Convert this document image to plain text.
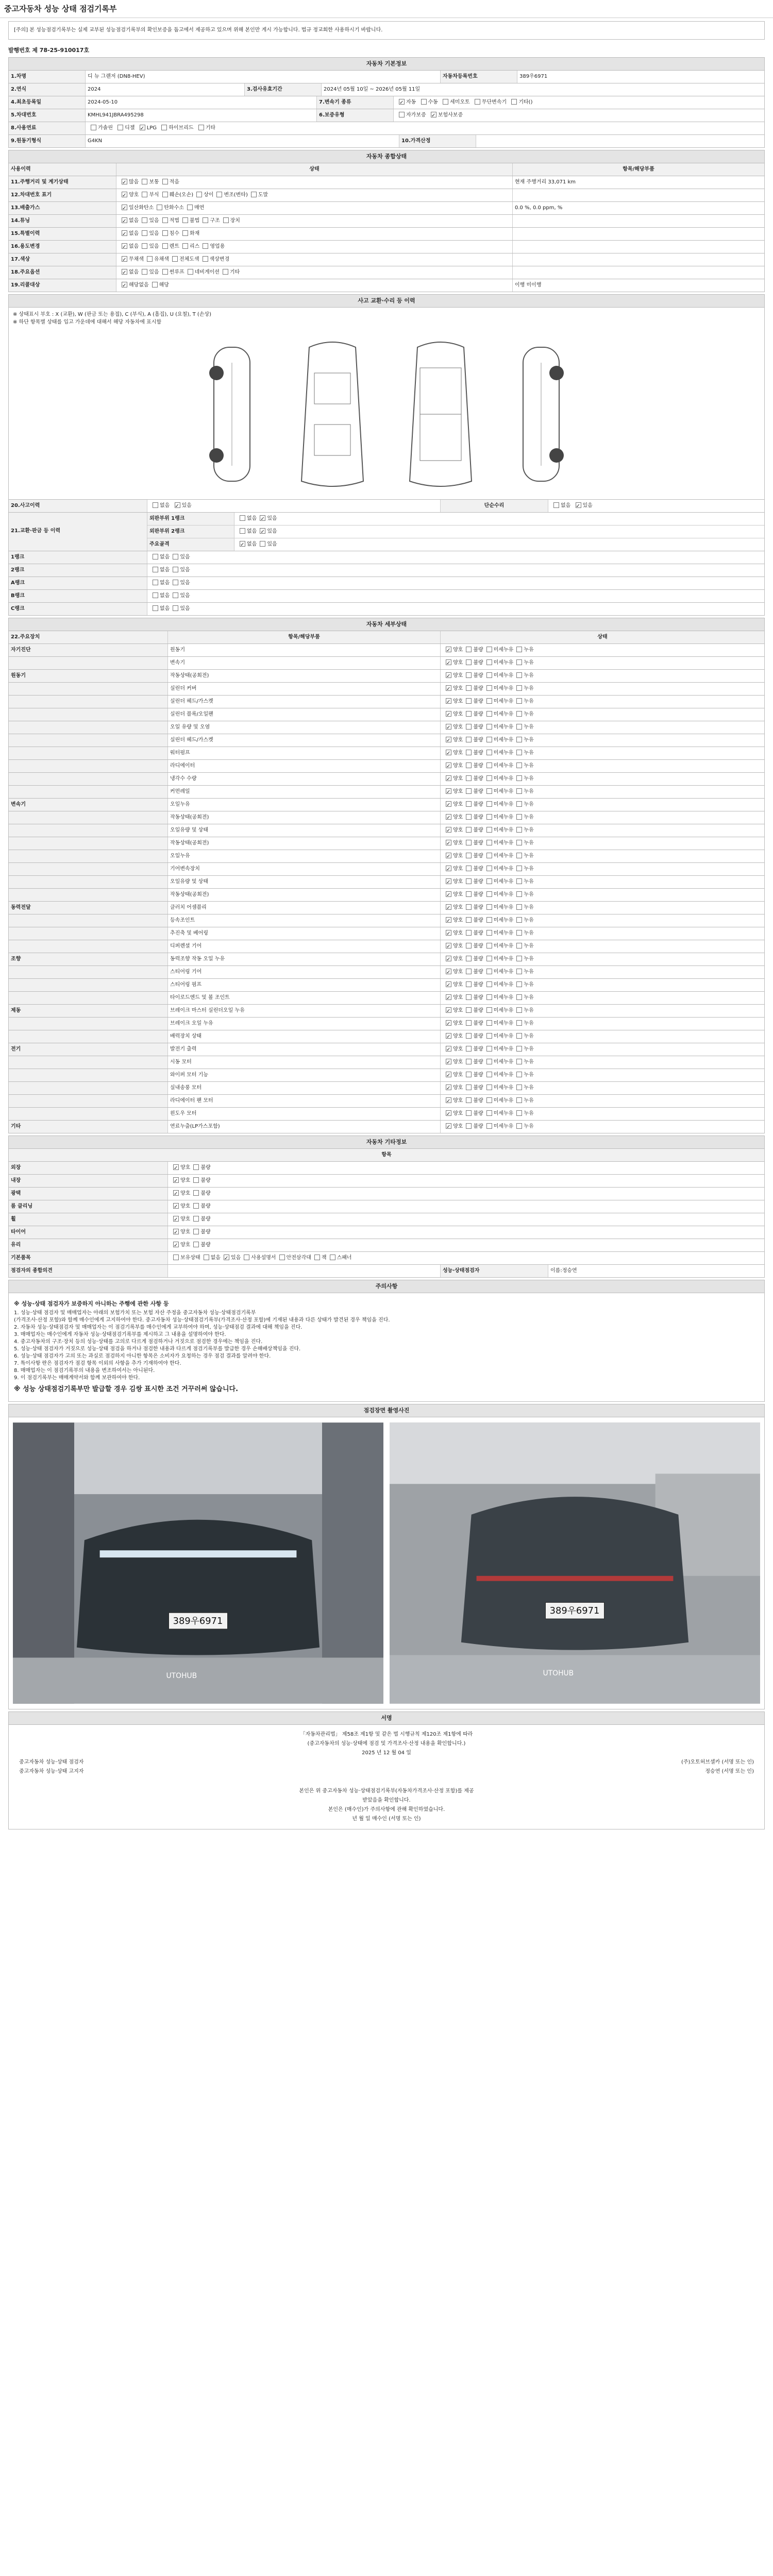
중고자동차 성능 상태 점검기록부
[주의] 본 성능점검기록부는 실제 교부된 성능점검기록부의 확인보증을 돕고에서 제공하고 있으며 위해 본인만 게시 가능합니다. 법규 정교회한 사용하시기 바랍니다.
발행번호 제 78-25-910017호
자동차 기본정보
1.차명	디 뉴 그랜저 (DN8-HEV)	자동차등록번호	389우6971
2.연식	2024	3.검사유효기간	2024년 05월 10일 ~ 2026년 05월 11일
4.최초등록일	2024-05-10	7.변속기 종류 ✓	자동 수동 세미오토 무단변속기 기타()
5.차대번호	KMHL941JBRA495298	6.보증유형	자가보증 ✓ 보험사보증
8.사용연료	가솔린 디젤 ✓ LPG 하이브리드 기타
9.원동기형식	G4KN	10.가격산정
자동차 종합상태
사용이력	상태	항목/해당부품
11.주행거리 및 계기상태 ✓	많음 보통 적음	현재 주행거리 33,071 km
12.차대번호 표기 ✓	양호 부식 훼손(오손) 상이 변조(변타) 도말
13.배출가스 ✓	일산화탄소 탄화수소 매연	0.0 %, 0.0 ppm, %
14.튜닝 ✓	없음 있음 적법 불법 구조 장치
15.특별이력 ✓	없음 있음 침수 화재
16.용도변경 ✓	없음 있음 렌트 리스 영업용
17.색상 ✓	무채색 유채색 전체도색 색상변경
18.주요옵션 ✓	없음 있음 썬루프 네비게이션 기타
19.리콜대상 ✓	해당없음 해당	이행 미이행
사고 교환·수리 등 이력
※ 상태표시 부호 : X (교환), W (판금 또는 용접), C (부식), A (흠집), U (요철), T (손상)
※ 하단 항목별 상태를 입고 가운데에 대해서 해당 자동차에 표시함
20.사고이력	없음 ✓ 있음	단순수리	없음 ✓ 있음
21.교환·판금 등 이력
외판부위 1랭크	없음 ✓ 있음
외판부위 2랭크	없음 ✓ 있음
주요골격 ✓	없음 있음
1랭크	없음 있음
2랭크	없음 있음
A랭크	없음 있음
B랭크	없음 있음
C랭크	없음 있음
자동차 세부상태
22.주요장치	항목/해당부품	상태
자기진단	원동기 ✓	양호 불량 미세누유 누유
변속기 ✓	양호 불량 미세누유 누유
원동기	작동상태(공회전) ✓	양호 불량 미세누유 누유
실린더 커버 ✓	양호 불량 미세누유 누유
실린더 헤드/가스켓 ✓	양호 불량 미세누유 누유
실린더 블록/오일팬 ✓	양호 불량 미세누유 누유
오일 유량 및 오염 ✓	양호 불량 미세누유 누유
실린더 헤드/가스켓 ✓	양호 불량 미세누유 누유
워터펌프 ✓	양호 불량 미세누유 누유
라디에이터 ✓	양호 불량 미세누유 누유
냉각수 수량 ✓	양호 불량 미세누유 누유
커먼레일 ✓	양호 불량 미세누유 누유
변속기	오일누유 ✓	양호 불량 미세누유 누유
작동상태(공회전) ✓	양호 불량 미세누유 누유
오일유량 및 상태 ✓	양호 불량 미세누유 누유
작동상태(공회전) ✓	양호 불량 미세누유 누유
오일누유 ✓	양호 불량 미세누유 누유
기어변속장치 ✓	양호 불량 미세누유 누유
오일유량 및 상태 ✓	양호 불량 미세누유 누유
작동상태(공회전) ✓	양호 불량 미세누유 누유
동력전달	클러치 어셈블리 ✓	양호 불량 미세누유 누유
등속조인트 ✓	양호 불량 미세누유 누유
추진축 및 베어링 ✓	양호 불량 미세누유 누유
디퍼렌셜 기어 ✓	양호 불량 미세누유 누유
조향	동력조향 작동 오일 누유 ✓	양호 불량 미세누유 누유
스티어링 기어 ✓	양호 불량 미세누유 누유
스티어링 펌프 ✓	양호 불량 미세누유 누유
타이로드엔드 및 볼 조인트 ✓	양호 불량 미세누유 누유
제동	브레이크 마스터 실린더오일 누유 ✓	양호 불량 미세누유 누유
브레이크 오일 누유 ✓	양호 불량 미세누유 누유
배력장치 상태 ✓	양호 불량 미세누유 누유
전기	발전기 출력 ✓	양호 불량 미세누유 누유
시동 모터 ✓	양호 불량 미세누유 누유
와이퍼 모터 기능 ✓	양호 불량 미세누유 누유
실내송풍 모터 ✓	양호 불량 미세누유 누유
라디에이터 팬 모터 ✓	양호 불량 미세누유 누유
윈도우 모터 ✓	양호 불량 미세누유 누유
기타	연료누출(LP가스포함) ✓	양호 불량 미세누유 누유
자동차 기타정보
항목
외장 ✓	양호 불량
내장 ✓	양호 불량
광택 ✓	양호 불량
룸 클리닝 ✓	양호 불량
휠 ✓	양호 불량
타이어 ✓	양호 불량
유리 ✓	양호 불량
기본품목	보유상태 없음 ✓ 있음 사용설명서 안전삼각대 잭 스패너
점검자의 종합의견	성능·상태점검자	이름:정승연
주의사항
※ 성능·상태 점검자가 보증하지 아니하는 주행에 관한 사항 등
1. 성능·상태 점검자 및 매매업자는 아래의 보험가치 또는 보험 자산 주정을 중고자동차 성능·상태점검기록부
(가격조사·산정 포함)와 함께 매수인에게 고지하여야 한다. 중고자동차 성능·상태점검기록부(가격조사·산정 포함)에 기재된 내용과 다른 상태가 발견된 경우 책임을 진다.
2. 자동차 성능·상태점검자 및 매매업자는 이 점검기록부를 매수인에게 교부하여야 하며, 성능·상태점검 결과에 대해 책임을 진다.
3. 매매업자는 매수인에게 자동차 성능·상태점검기록부를 제시하고 그 내용을 설명하여야 한다.
4. 중고자동차의 구조·장치 등의 성능·상태를 고의로 다르게 점검하거나 거짓으로 점검한 경우에는 책임을 진다.
5. 성능·상태 점검자가 거짓으로 성능·상태 점검을 하거나 점검한 내용과 다르게 점검기록부를 발급한 경우 손해배상책임을 진다.
6. 성능·상태 점검자가 고의 또는 과실로 점검하지 아니한 항목은 소비자가 요청하는 경우 점검 결과를 알려야 한다.
7. 특이사항 란은 점검자가 점검 항목 이외의 사항을 추가 기재하여야 한다.
8. 매매업자는 이 점검기록부의 내용을 변조하여서는 아니된다.
9. 이 점검기록부는 매매계약서와 함께 보관하여야 한다.
※ 성능 상태점검기록부만 발급할 경우 김쌍 표시한 조건 거꾸러써 않습니다.
점검장면 촬영사진
389우6971
UTOHUB
389우6971
UTOHUB
서명
「자동차관리법」 제58조 제1항 및 같은 법 시행규칙 제120조 제1항에 따라
(중고자동차의 성능·상태에 점검 및 가격조사·산정 내용을 확인합니다.)
2025 년 12 월 04 일
중고자동차 성능·상태 점검자	(주)오토허브셀카 (서명 또는 인)
중고자동차 성능·상태 고지자	정승연 (서명 또는 인)
본인은 위 중고자동차 성능·상태점검기록부(자동차가격조사·산정 포함)를 제공
받았음을 확인합니다.
본인은 (매수인)가 주의사항에 관해 확인하였습니다.
년 월 일 매수인 (서명 또는 인)
